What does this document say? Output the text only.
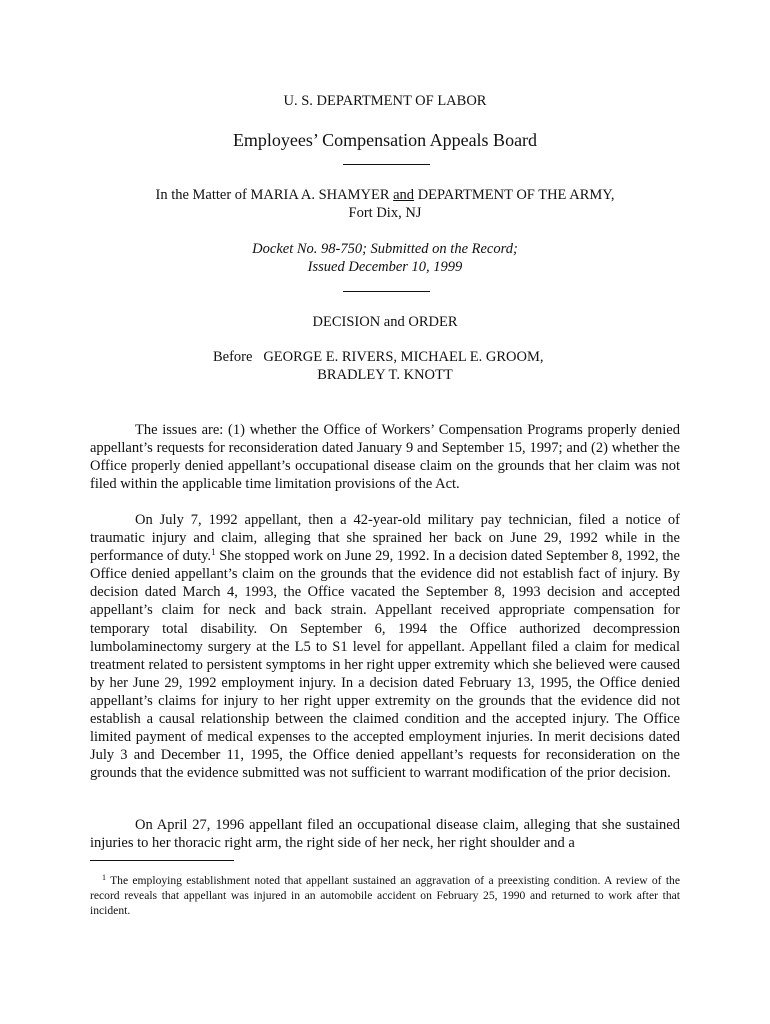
U. S. DEPARTMENT OF LABOR
Employees’ Compensation Appeals Board
In the Matter of MARIA A. SHAMYER and DEPARTMENT OF THE ARMY,
Fort Dix, NJ
Docket No. 98-750; Submitted on the Record;
Issued December 10, 1999
DECISION and ORDER
Before   GEORGE E. RIVERS, MICHAEL E. GROOM,
BRADLEY T. KNOTT

The issues are: (1) whether the Office of Workers’ Compensation Programs properly denied appellant’s requests for reconsideration dated January 9 and September 15, 1997; and (2) whether the Office properly denied appellant’s occupational disease claim on the grounds that her claim was not filed within the applicable time limitation provisions of the Act.

On July 7, 1992 appellant, then a 42-year-old military pay technician, filed a notice of traumatic injury and claim, alleging that she sprained her back on June 29, 1992 while in the performance of duty.$^1$ She stopped work on June 29, 1992. In a decision dated September 8, 1992, the Office denied appellant’s claim on the grounds that the evidence did not establish fact of injury. By decision dated March 4, 1993, the Office vacated the September 8, 1993 decision and accepted appellant’s claim for neck and back strain. Appellant received appropriate compensation for temporary total disability. On September 6, 1994 the Office authorized decompression lumbolaminectomy surgery at the L5 to S1 level for appellant. Appellant filed a claim for medical treatment related to persistent symptoms in her right upper extremity which she believed were caused by her June 29, 1992 employment injury. In a decision dated February 13, 1995, the Office denied appellant’s claims for injury to her right upper extremity on the grounds that the evidence did not establish a causal relationship between the claimed condition and the accepted injury. The Office limited payment of medical expenses to the accepted employment injuries. In merit decisions dated July 3 and December 11, 1995, the Office denied appellant’s requests for reconsideration on the grounds that the evidence submitted was not sufficient to warrant modification of the prior decision.

On April 27, 1996 appellant filed an occupational disease claim, alleging that she sustained injuries to her thoracic right arm, the right side of her neck, her right shoulder and a

$^1$ The employing establishment noted that appellant sustained an aggravation of a preexisting condition. A review of the record reveals that appellant was injured in an automobile accident on February 25, 1990 and returned to work after that incident.
